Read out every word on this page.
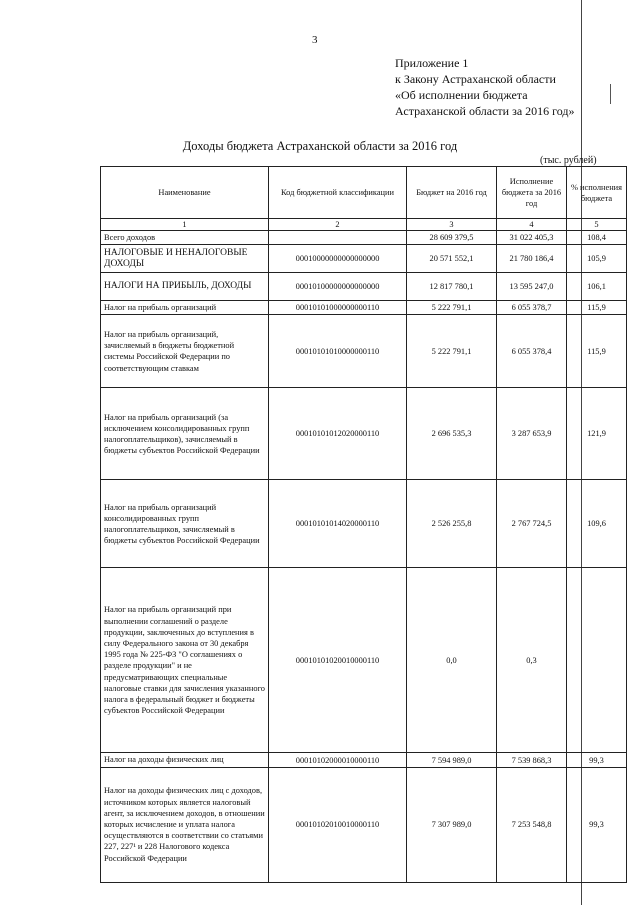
3
Приложение 1
к Закону Астраханской области
«Об исполнении бюджета
Астраханской области за 2016 год»
Доходы бюджета Астраханской области за 2016 год
(тыс. рублей)
Наименование	Код бюджетной классификации	Бюджет на 2016 год	Исполнение бюджета за 2016 год	% исполнения бюджета
1	2	3	4	5
Всего доходов		28 609 379,5	31 022 405,3	108,4
НАЛОГОВЫЕ И НЕНАЛОГОВЫЕ ДОХОДЫ	00010000000000000000	20 571 552,1	21 780 186,4	105,9
НАЛОГИ НА ПРИБЫЛЬ, ДОХОДЫ	00010100000000000000	12 817 780,1	13 595 247,0	106,1
Налог на прибыль организаций	00010101000000000110	5 222 791,1	6 055 378,7	115,9
Налог на прибыль организаций, зачисляемый в бюджеты бюджетной системы Российской Федерации по соответствующим ставкам	00010101010000000110	5 222 791,1	6 055 378,4	115,9
Налог на прибыль организаций (за исключением консолидированных групп налогоплательщиков), зачисляемый в бюджеты субъектов Российской Федерации	00010101012020000110	2 696 535,3	3 287 653,9	121,9
Налог на прибыль организаций консолидированных групп налогоплательщиков, зачисляемый в бюджеты субъектов Российской Федерации	00010101014020000110	2 526 255,8	2 767 724,5	109,6
Налог на прибыль организаций при выполнении соглашений о разделе продукции, заключенных до вступления в силу Федерального закона от 30 декабря 1995 года № 225-ФЗ "О соглашениях о разделе продукции" и не предусматривающих специальные налоговые ставки для зачисления указанного налога в федеральный бюджет и бюджеты субъектов Российской Федерации	00010101020010000110	0,0	0,3	
Налог на доходы физических лиц	00010102000010000110	7 594 989,0	7 539 868,3	99,3
Налог на доходы физических лиц с доходов, источником которых является налоговый агент, за исключением доходов, в отношении которых исчисление и уплата налога осуществляются в соответствии со статьями 227, 227¹ и 228 Налогового кодекса Российской Федерации	00010102010010000110	7 307 989,0	7 253 548,8	99,3
